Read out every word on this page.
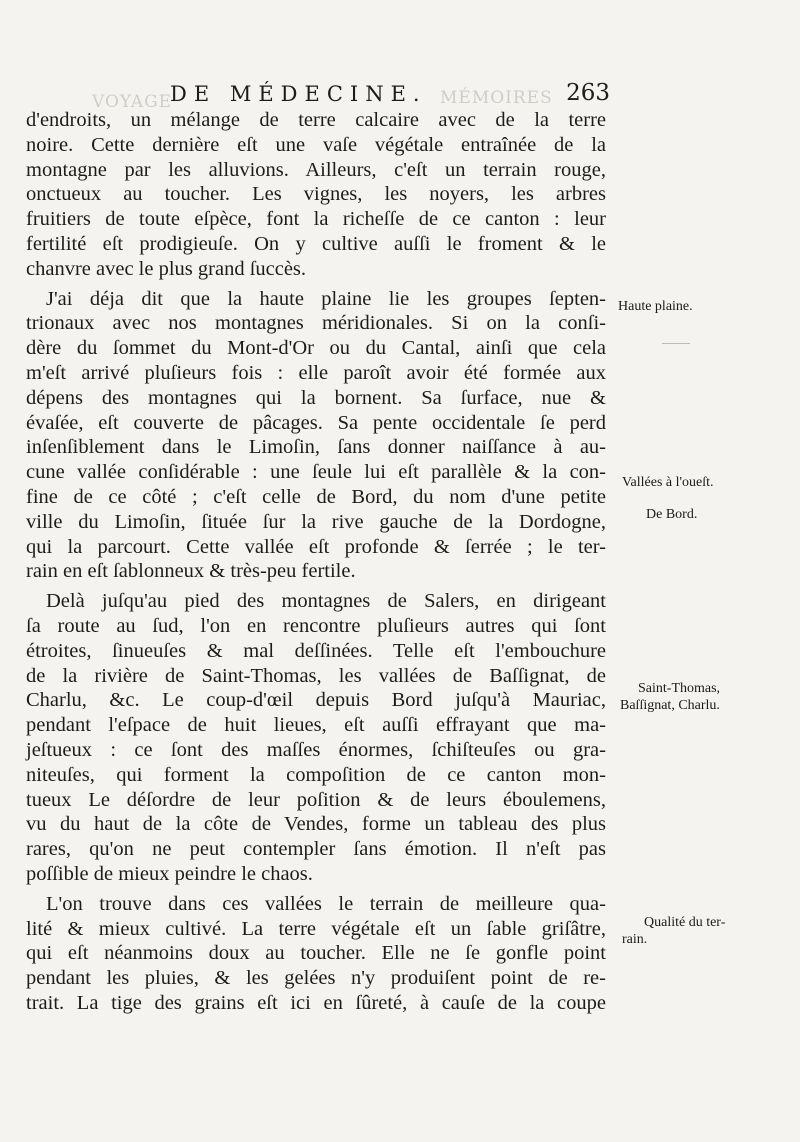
MÉMOIRES
VOYAGE
DE MÉDECINE.	263

d'endroits, un mélange de terre calcaire avec de la terre
noire. Cette dernière eſt une vaſe végétale entraînée de la
montagne par les alluvions. Ailleurs, c'eſt un terrain rouge,
onctueux au toucher. Les vignes, les noyers, les arbres
fruitiers de toute eſpèce, font la richeſſe de ce canton : leur
fertilité eſt prodigieuſe. On y cultive auſſi le froment & le
chanvre avec le plus grand ſuccès.

J'ai déja dit que la haute plaine lie les groupes ſepten-
trionaux avec nos montagnes méridionales. Si on la conſi-
dère du ſommet du Mont-d'Or ou du Cantal, ainſi que cela
m'eſt arrivé pluſieurs fois : elle paroît avoir été formée aux
dépens des montagnes qui la bornent. Sa ſurface, nue &
évaſée, eſt couverte de pâcages. Sa pente occidentale ſe perd
inſenſiblement dans le Limoſin, ſans donner naiſſance à au-
cune vallée conſidérable : une ſeule lui eſt parallèle & la con-
fine de ce côté ; c'eſt celle de Bord, du nom d'une petite
ville du Limoſin, ſituée ſur la rive gauche de la Dordogne,
qui la parcourt. Cette vallée eſt profonde & ſerrée ; le ter-
rain en eſt ſablonneux & très-peu fertile.

Delà juſqu'au pied des montagnes de Salers, en dirigeant
ſa route au ſud, l'on en rencontre pluſieurs autres qui ſont
étroites, ſinueuſes & mal deſſinées. Telle eſt l'embouchure
de la rivière de Saint-Thomas, les vallées de Baſſignat, de
Charlu, &c. Le coup-d'œil depuis Bord juſqu'à Mauriac,
pendant l'eſpace de huit lieues, eſt auſſi effrayant que ma-
jeſtueux : ce ſont des maſſes énormes, ſchiſteuſes ou gra-
niteuſes, qui forment la compoſition de ce canton mon-
tueux Le déſordre de leur poſition & de leurs éboulemens,
vu du haut de la côte de Vendes, forme un tableau des plus
rares, qu'on ne peut contempler ſans émotion. Il n'eſt pas
poſſible de mieux peindre le chaos.

L'on trouve dans ces vallées le terrain de meilleure qua-
lité & mieux cultivé. La terre végétale eſt un ſable griſâtre,
qui eſt néanmoins doux au toucher. Elle ne ſe gonfle point
pendant les pluies, & les gelées n'y produiſent point de re-
trait. La tige des grains eſt ici en ſûreté, à cauſe de la coupe

Haute plaine.
Vallées à l'oueſt.
De Bord.
Saint-Thomas,
Baſſignat, Charlu.
Qualité du ter-
rain.
